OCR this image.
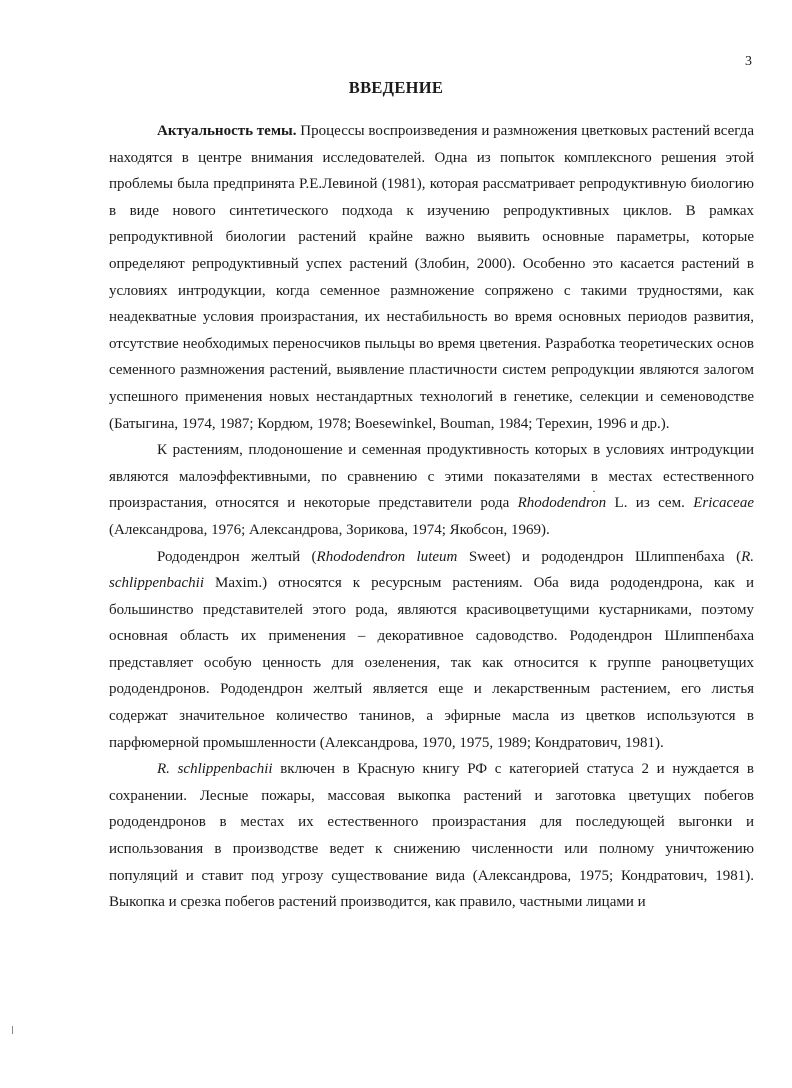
3
ВВЕДЕНИЕ

Актуальность темы. Процессы воспроизведения и размножения цветковых растений всегда находятся в центре внимания исследователей. Одна из попыток комплексного решения этой проблемы была предпринята Р.Е.Левиной (1981), которая рассматривает репродуктивную биологию в виде нового синтетического подхода к изучению репродуктивных циклов. В рамках репродуктивной биологии растений крайне важно выявить основные параметры, которые определяют репродуктивный успех растений (Злобин, 2000). Особенно это касается растений в условиях интродукции, когда семенное размножение сопряжено с такими трудностями, как неадекватные условия произрастания, их нестабильность во время основных периодов развития, отсутствие необходимых переносчиков пыльцы во время цветения. Разработка теоретических основ семенного размножения растений, выявление пластичности систем репродукции являются залогом успешного применения новых нестандартных технологий в генетике, селекции и семеноводстве (Батыгина, 1974, 1987; Кордюм, 1978; Boesewinkel, Bouman, 1984; Терехин, 1996 и др.).

К растениям, плодоношение и семенная продуктивность которых в условиях интродукции являются малоэффективными, по сравнению с этими показателями в местах естественного произрастания, относятся и некоторые представители рода Rhododendron L. из сем. Ericaceae (Александрова, 1976; Александрова, Зорикова, 1974; Якобсон, 1969).

Рододендрон желтый (Rhododendron luteum Sweet) и рододендрон Шлиппенбаха (R. schlippenbachii Maxim.) относятся к ресурсным растениям. Оба вида рододендрона, как и большинство представителей этого рода, являются красивоцветущими кустарниками, поэтому основная область их применения – декоративное садоводство. Рододендрон Шлиппенбаха представляет особую ценность для озеленения, так как относится к группе раноцветущих рододендронов. Рододендрон желтый является еще и лекарственным растением, его листья содержат значительное количество танинов, а эфирные масла из цветков используются в парфюмерной промышленности (Александрова, 1970, 1975, 1989; Кондратович, 1981).

R. schlippenbachii включен в Красную книгу РФ с категорией статуса 2 и нуждается в сохранении. Лесные пожары, массовая выкопка растений и заготовка цветущих побегов рододендронов в местах их естественного произрастания для последующей выгонки и использования в производстве ведет к снижению численности или полному уничтожению популяций и ставит под угрозу существование вида (Александрова, 1975; Кондратович, 1981). Выкопка и срезка побегов растений производится, как правило, частными лицами и

·
